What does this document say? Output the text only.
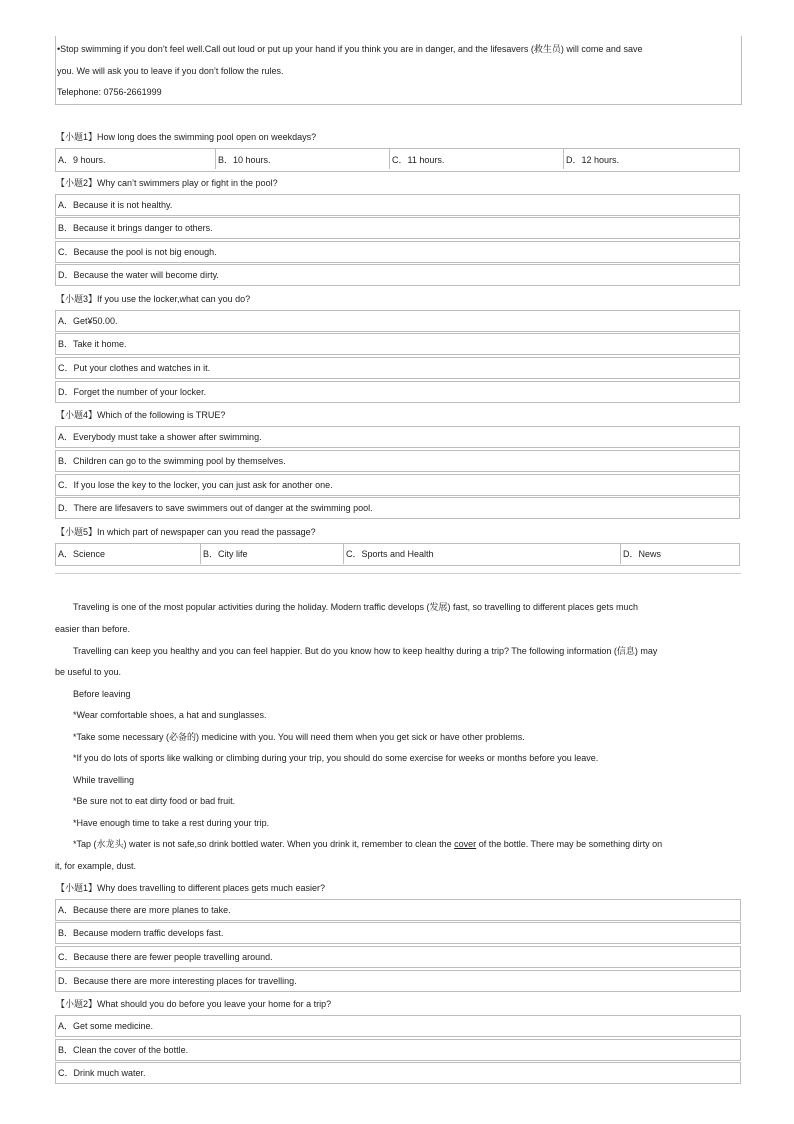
•Stop swimming if you don’t feel well.Call out loud or put up your hand if you think you are in danger, and the lifesavers (救生员) will come and save
you. We will ask you to leave if you don’t follow the rules.
Telephone: 0756-2661999
【小题1】How long does the swimming pool open on weekdays?
A．9 hours.	B．10 hours.	C．11 hours.	D．12 hours.
【小题2】Why can’t swimmers play or fight in the pool?
A．Because it is not healthy.
B．Because it brings danger to others.
C．Because the pool is not big enough.
D．Because the water will become dirty.
【小题3】If you use the locker,what can you do?
A．Get¥50.00.
B．Take it home.
C．Put your clothes and watches in it.
D．Forget the number of your locker.
【小题4】Which of the following is TRUE?
A．Everybody must take a shower after swimming.
B．Children can go to the swimming pool by themselves.
C．If you lose the key to the locker, you can just ask for another one.
D．There are lifesavers to save swimmers out of danger at the swimming pool.
【小题5】In which part of newspaper can you read the passage?
A．Science	B．City life	C．Sports and Health	D．News
Traveling is one of the most popular activities during the holiday. Modern traffic develops (发展) fast, so travelling to different places gets much
easier than before.
Travelling can keep you healthy and you can feel happier. But do you know how to keep healthy during a trip? The following information (信息) may
be useful to you.
Before leaving
*Wear comfortable shoes, a hat and sunglasses.
*Take some necessary (必备的) medicine with you. You will need them when you get sick or have other problems.
*If you do lots of sports like walking or climbing during your trip, you should do some exercise for weeks or months before you leave.
While travelling
*Be sure not to eat dirty food or bad fruit.
*Have enough time to take a rest during your trip.
*Tap (水龙头) water is not safe,so drink bottled water. When you drink it, remember to clean the cover of the bottle. There may be something dirty on
it, for example, dust.
【小题1】Why does travelling to different places gets much easier?
A．Because there are more planes to take.
B．Because modern traffic develops fast.
C．Because there are fewer people travelling around.
D．Because there are more interesting places for travelling.
【小题2】What should you do before you leave your home for a trip?
A．Get some medicine.
B．Clean the cover of the bottle.
C．Drink much water.
